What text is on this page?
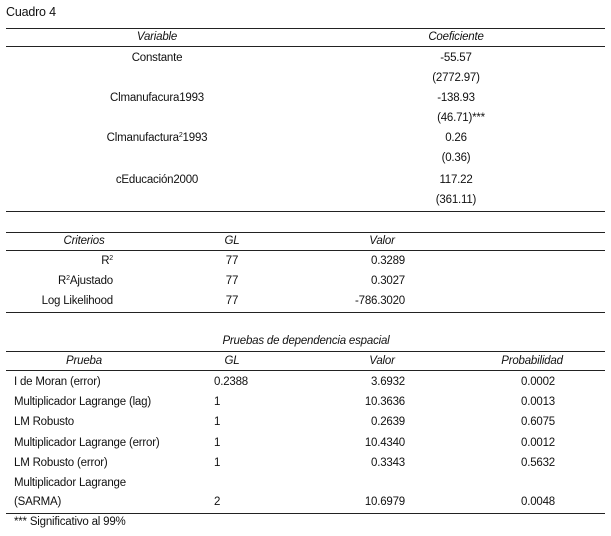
Cuadro 4
Variable	Coeficiente
Constante	-55.57
(2772.97)
Clmanufacura1993	-138.93
(46.71)***
Clmanufactura$^2$1993	0.26
(0.36)
cEducación2000	117.22
(361.11)
Criterios	GL	Valor
$R^2$	77	0.3289
$R^2Ajustado$	77	0.3027
Log Likelihood	77	-786.3020
Pruebas de dependencia espacial
Prueba	GL	Valor	Probabilidad
I de Moran (error)	0.2388	3.6932	0.0002
Multiplicador Lagrange (lag)	1	10.3636	0.0013
LM Robusto	1	0.2639	0.6075
Multiplicador Lagrange (error)	1	10.4340	0.0012
LM Robusto (error)	1	0.3343	0.5632
Multiplicador Lagrange
(SARMA)	2	10.6979	0.0048
*** Significativo al 99%
